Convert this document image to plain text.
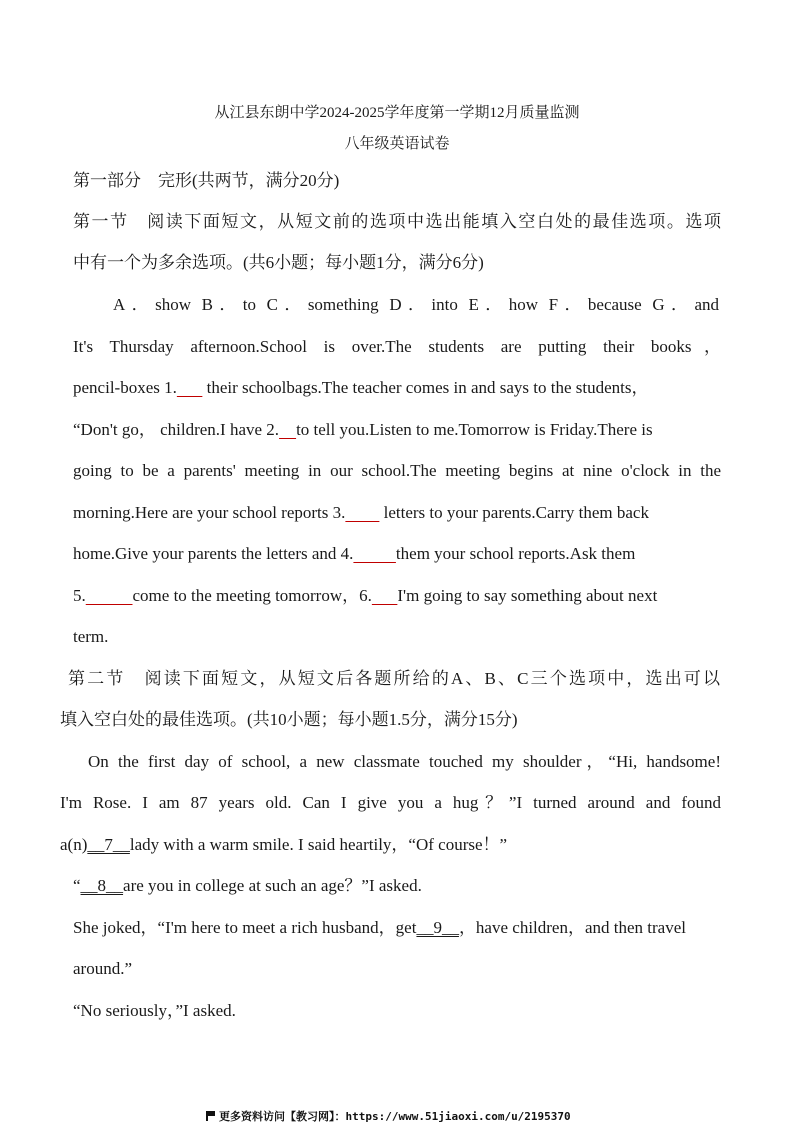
从江县东朗中学2024-2025学年度第一学期12月质量监测
八年级英语试卷
第一部分　完形(共两节，满分20分)
第一节　阅读下面短文，从短文前的选项中选出能填入空白处的最佳选项。选项
中有一个为多余选项。(共6小题；每小题1分，满分6分)
A．show B．to C．something D．into E．how F．because G．and
It's Thursday afternoon.School is over.The students are putting their books，
pencil-boxes 1.       their schoolbags.The teacher comes in and says to the students，
“Don't go， children.I have 2. to tell you.Listen to me.Tomorrow is Friday.There is
going to be a parents' meeting in our school.The meeting begins at nine o'clock in the
morning.Here are your school reports 3.         letters to your parents.Carry them back
home.Give your parents the letters and 4.	them your school reports.Ask them
5.	come to the meeting tomorrow，6. I'm going to say something about next
term.
第二节　阅读下面短文，从短文后各题所给的A、B、C三个选项中，选出可以
填入空白处的最佳选项。(共10小题；每小题1.5分，满分15分)
On the first day of school, a new classmate touched my shoulder，“Hi, handsome!
I'm Rose. I am 87 years old. Can I give you a hug？”I turned around and found
a(n)__7__lady with a warm smile. I said heartily，“Of course！”
“__8__are you in college at such an age？”I asked.
She joked，“I'm here to meet a rich husband，get__9__，have children，and then travel
around.”
“No seriously，”I asked.
更多资料访问【教习网】：https://www.51jiaoxi.com/u/2195370
